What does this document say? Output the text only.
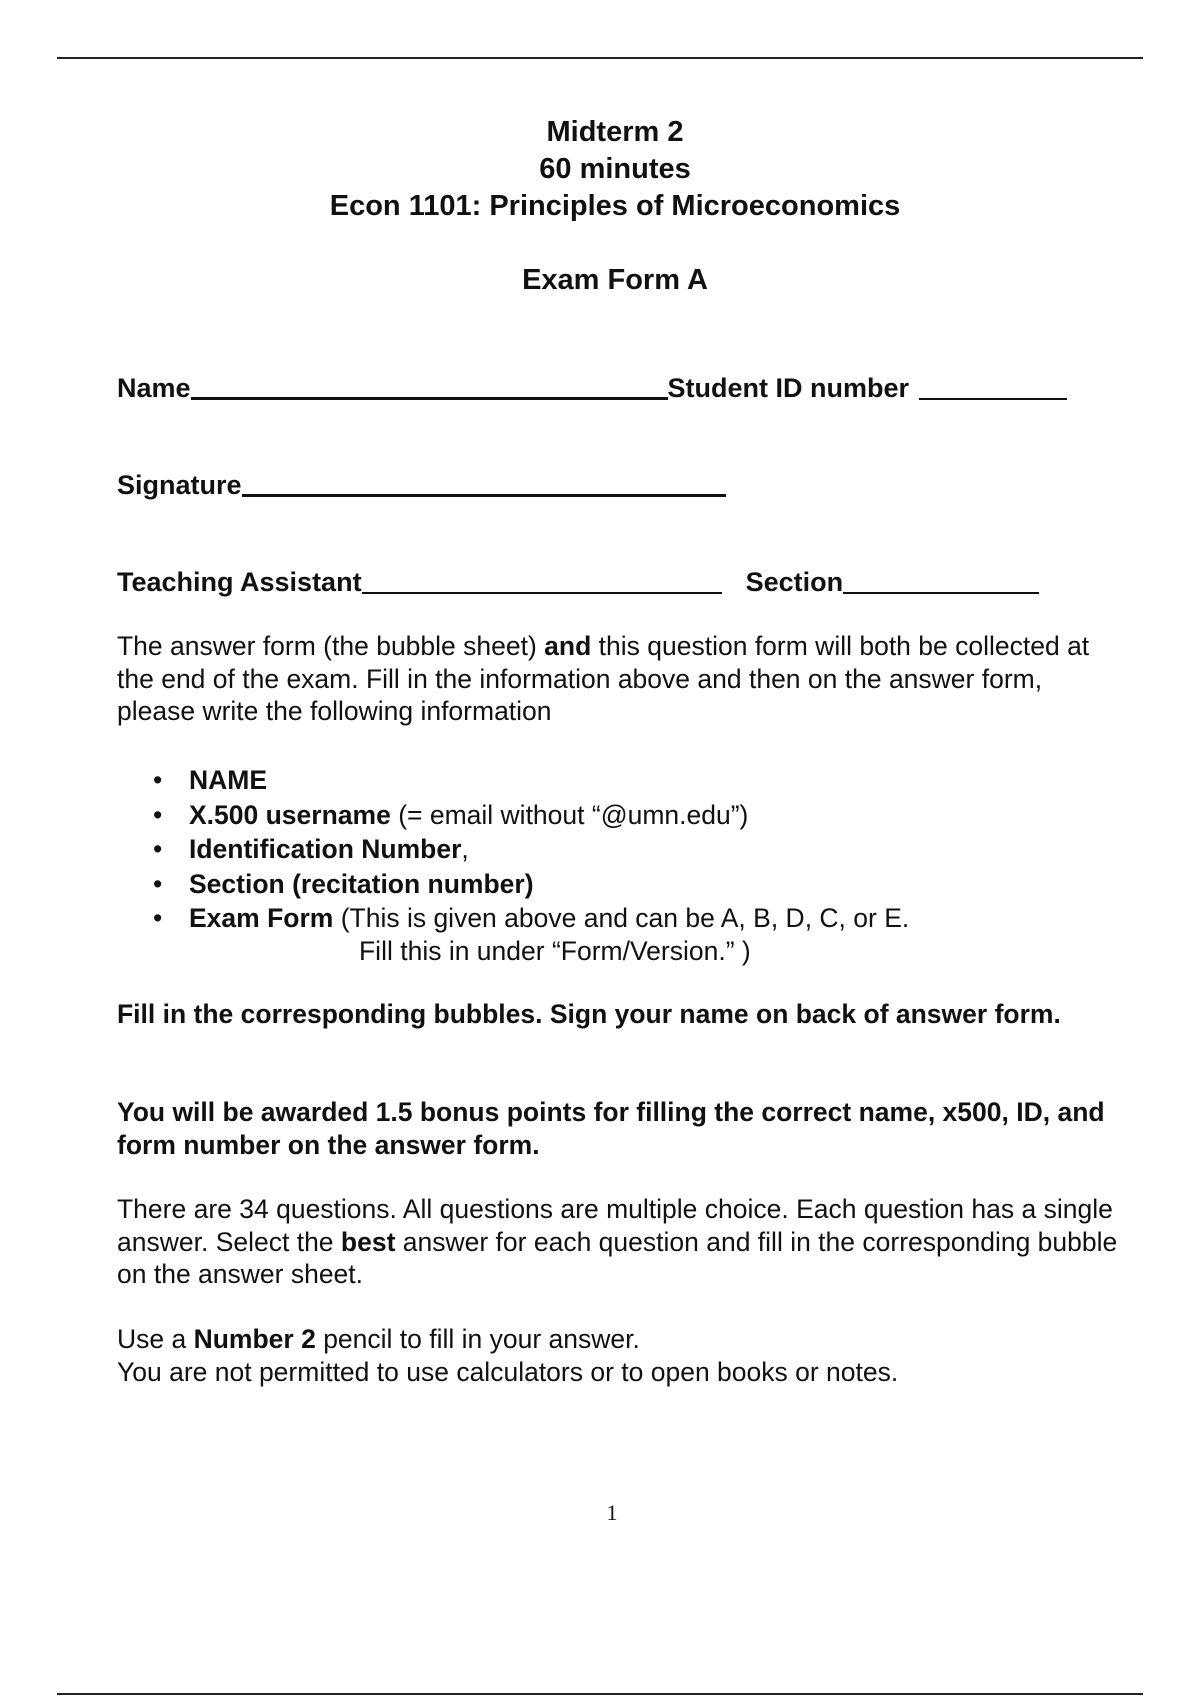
Midterm 2
60 minutes
Econ 1101: Principles of Microeconomics
Exam Form A
Name	Student ID number
Signature
Teaching Assistant	Section

The answer form (the bubble sheet) and this question form will both be collected at the end of the exam. Fill in the information above and then on the answer form, please write the following information

• NAME
• X.500 username (= email without “@umn.edu”)
• Identification Number,
• Section (recitation number)
• Exam Form (This is given above and can be A, B, D, C, or E.
Fill this in under “Form/Version.” )
Fill in the corresponding bubbles. Sign your name on back of answer form.
You will be awarded 1.5 bonus points for filling the correct name, x500, ID, and form number on the answer form.

There are 34 questions. All questions are multiple choice. Each question has a single answer. Select the best answer for each question and fill in the corresponding bubble on the answer sheet.

Use a Number 2 pencil to fill in your answer.

You are not permitted to use calculators or to open books or notes.

1
